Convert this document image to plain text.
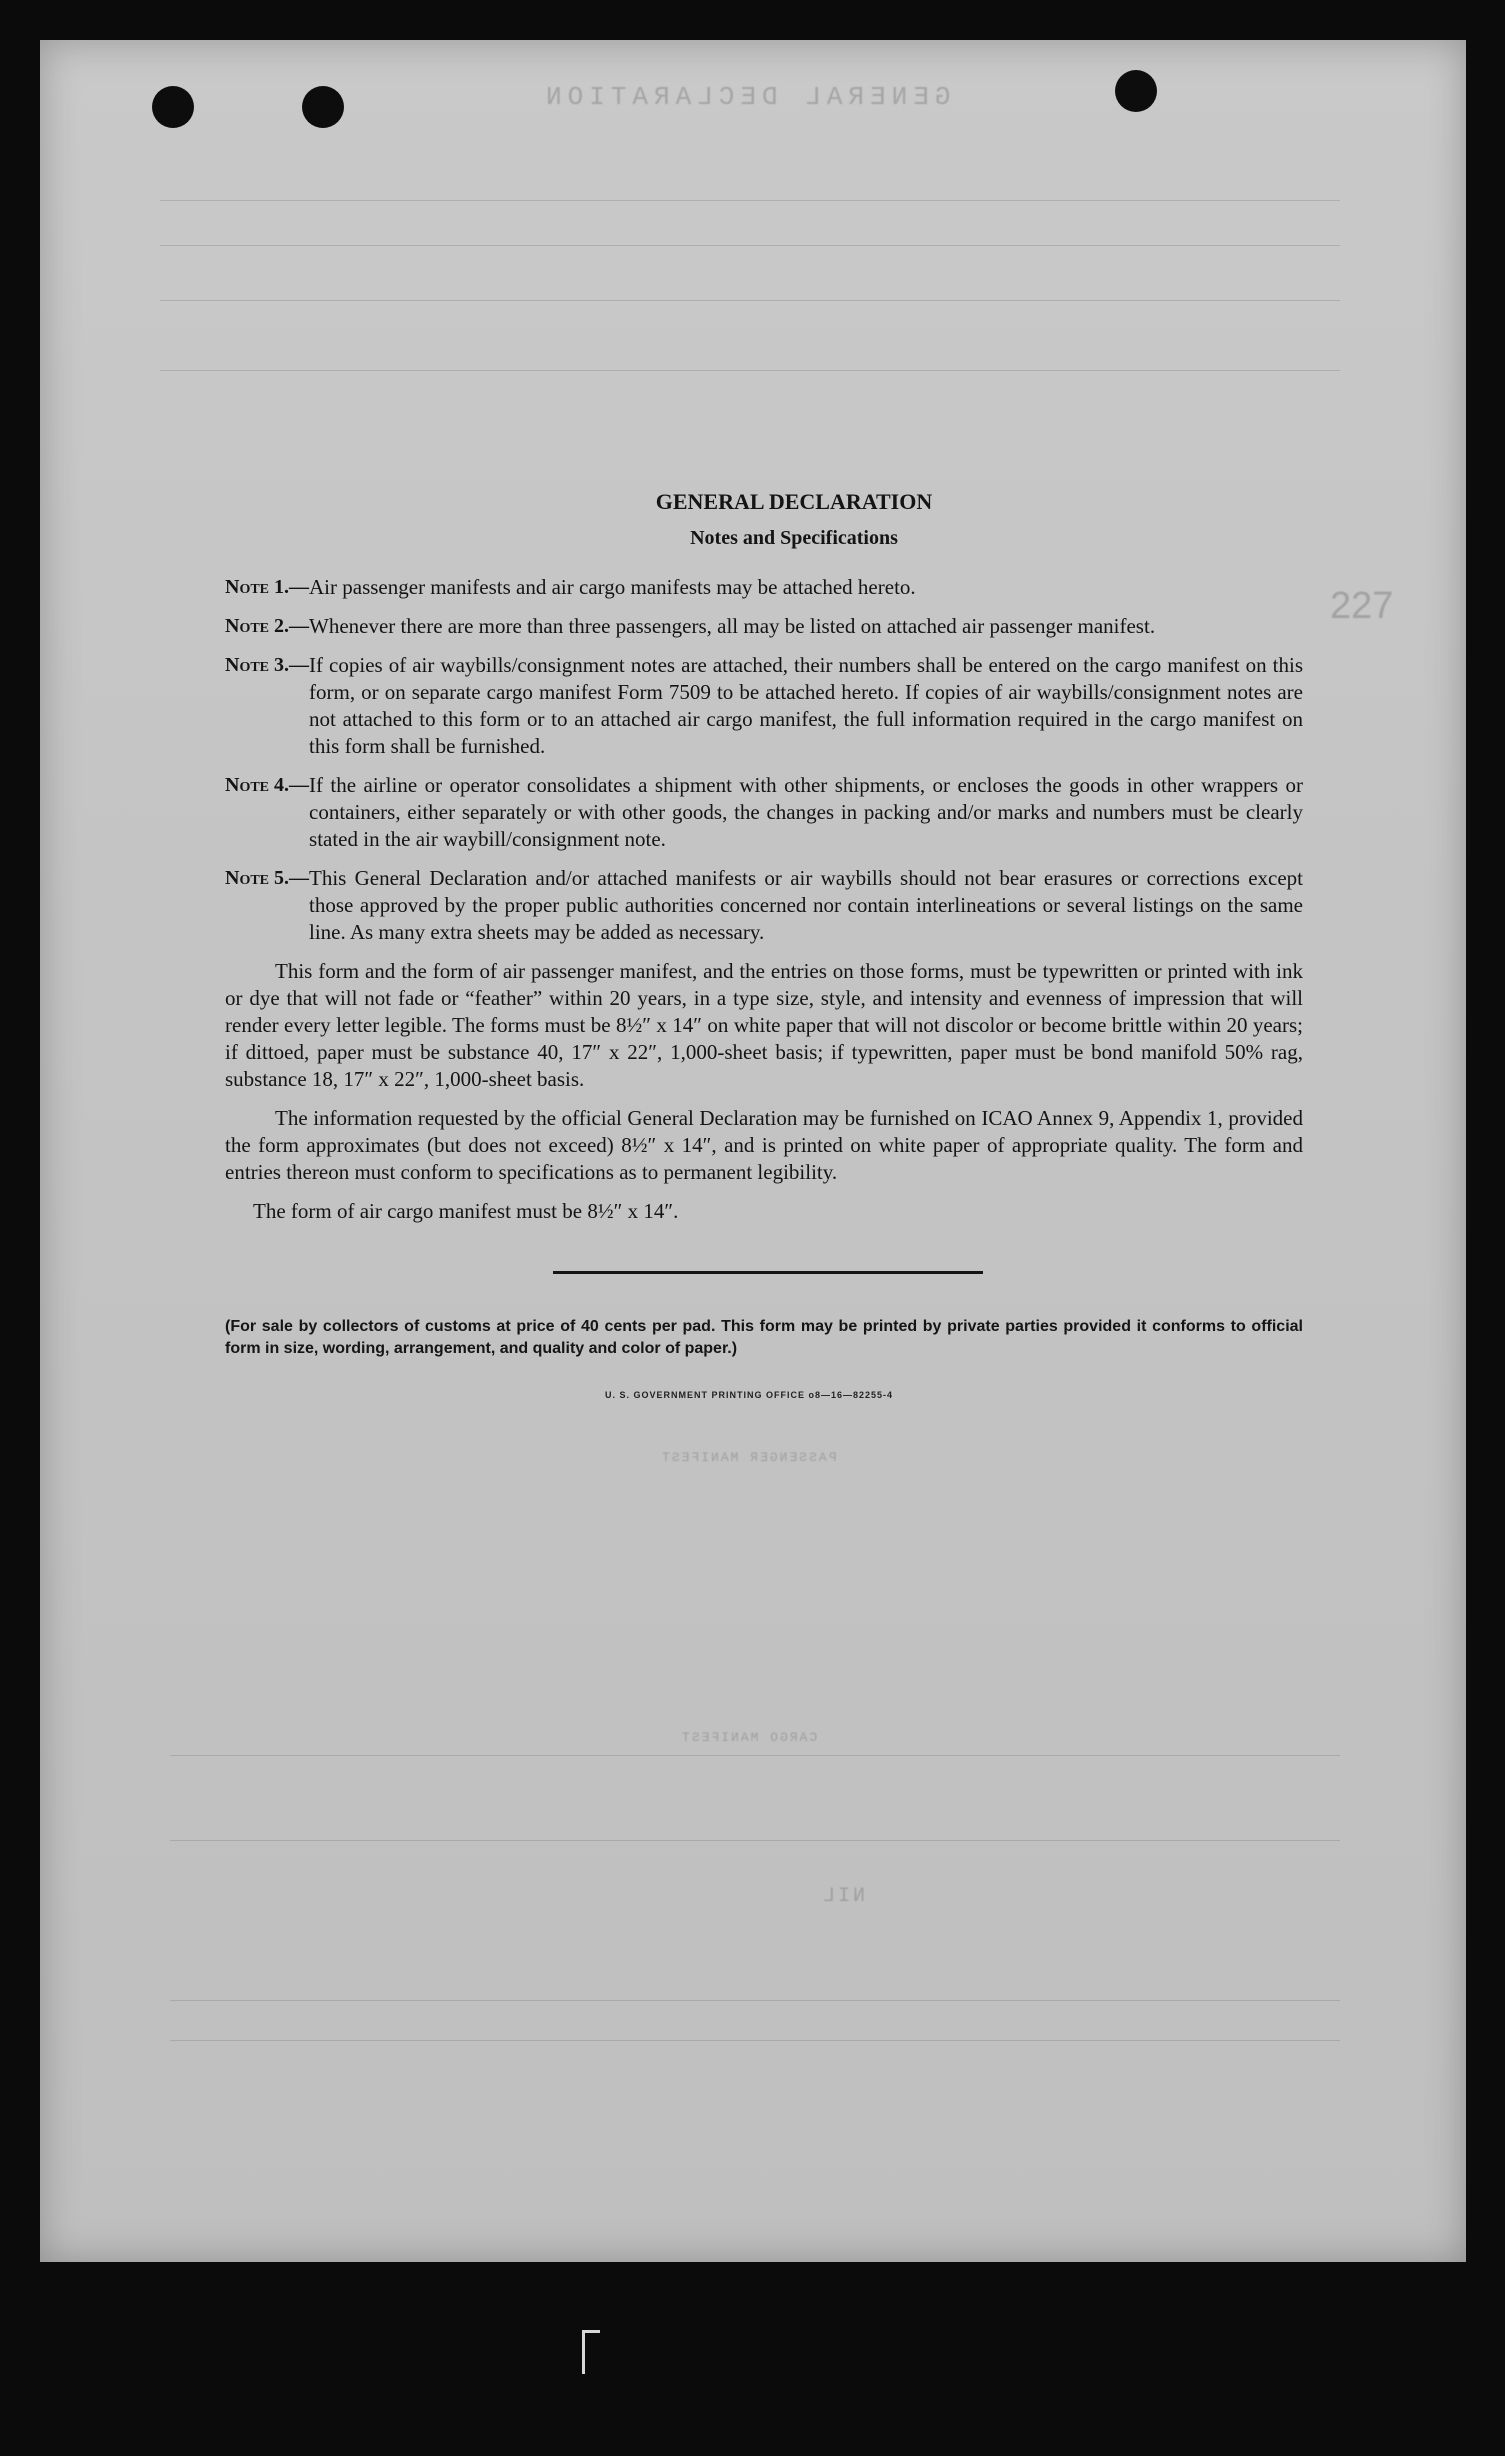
GENERAL DECLARATION
227
PASSENGER MANIFEST
CARGO MANIFEST
NIL
GENERAL DECLARATION
Notes and Specifications
Note 1.— Air passenger manifests and air cargo manifests may be attached hereto.
Note 2.— Whenever there are more than three passengers, all may be listed on attached air passenger manifest.
Note 3.— If copies of air waybills/consignment notes are attached, their numbers shall be entered on the cargo manifest on this form, or on separate cargo manifest Form 7509 to be attached hereto. If copies of air waybills/consignment notes are not attached to this form or to an attached air cargo manifest, the full information required in the cargo manifest on this form shall be furnished.
Note 4.— If the airline or operator consolidates a shipment with other shipments, or encloses the goods in other wrappers or containers, either separately or with other goods, the changes in packing and/or marks and numbers must be clearly stated in the air waybill/consignment note.
Note 5.— This General Declaration and/or attached manifests or air waybills should not bear erasures or corrections except those approved by the proper public authorities concerned nor contain interlineations or several listings on the same line. As many extra sheets may be added as necessary.
This form and the form of air passenger manifest, and the entries on those forms, must be typewritten or printed with ink or dye that will not fade or “feather” within 20 years, in a type size, style, and intensity and evenness of impression that will render every letter legible. The forms must be 8½″ x 14″ on white paper that will not discolor or become brittle within 20 years; if dittoed, paper must be substance 40, 17″ x 22″, 1,000-sheet basis; if typewritten, paper must be bond manifold 50% rag, substance 18, 17″ x 22″, 1,000-sheet basis.
The information requested by the official General Declaration may be furnished on ICAO Annex 9, Appendix 1, provided the form approximates (but does not exceed) 8½″ x 14″, and is printed on white paper of appropriate quality. The form and entries thereon must conform to specifications as to permanent legibility.
The form of air cargo manifest must be 8½″ x 14″.
(For sale by collectors of customs at price of 40 cents per pad. This form may be printed by private parties provided it conforms to official form in size, wording, arrangement, and quality and color of paper.)
U. S. GOVERNMENT PRINTING OFFICE o8—16—82255-4
